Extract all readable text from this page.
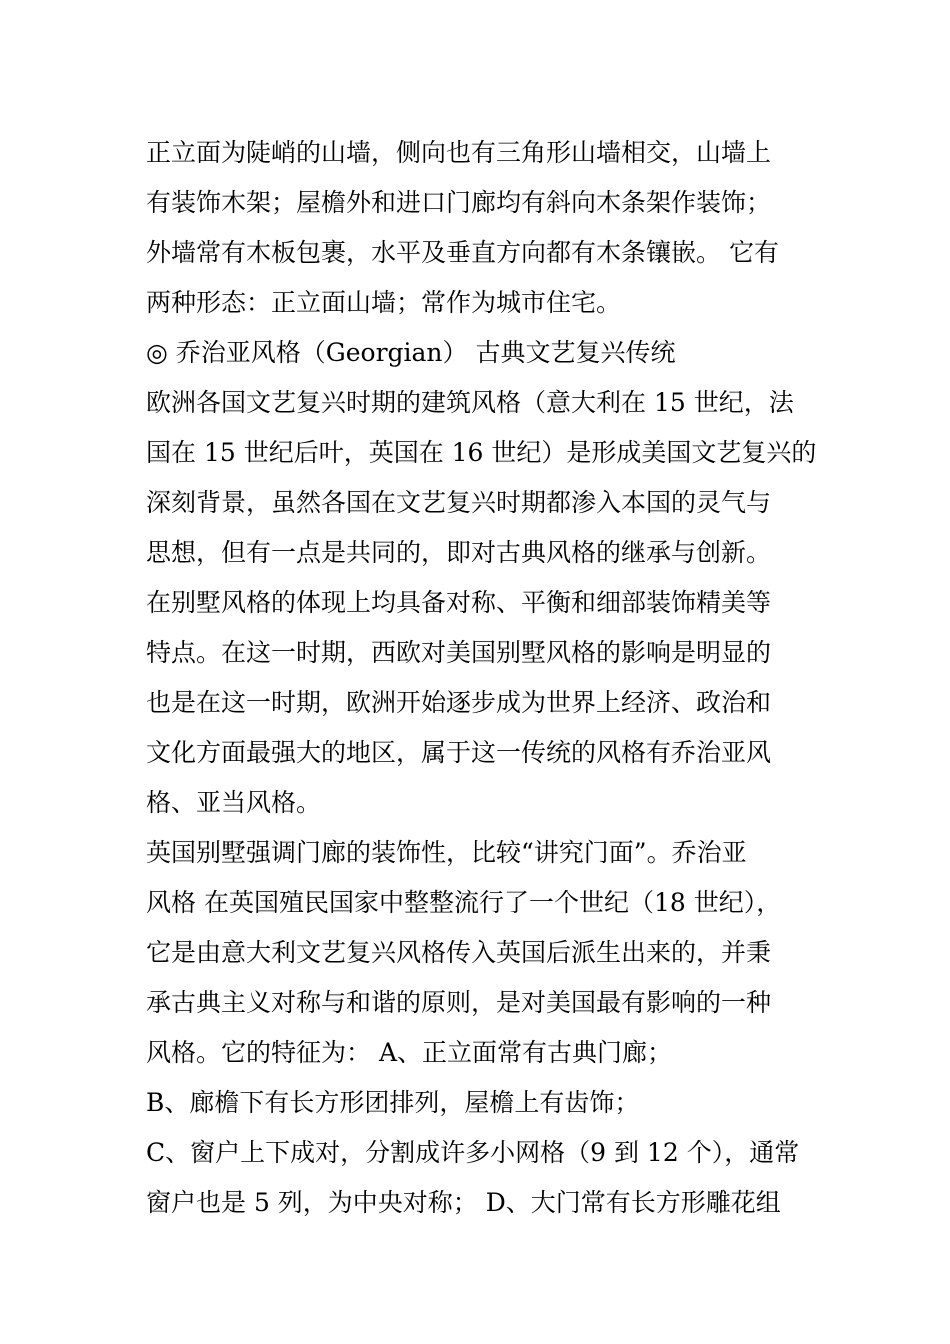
正立面为陡峭的山墙，侧向也有三角形山墙相交，山墙上
有装饰木架；屋檐外和进口门廊均有斜向木条架作装饰；
外墙常有木板包裹，水平及垂直方向都有木条镶嵌。 它有
两种形态：正立面山墙；常作为城市住宅。
◎ 乔治亚风格（Georgian） 古典文艺复兴传统
欧洲各国文艺复兴时期的建筑风格（意大利在 15 世纪，法
国在 15 世纪后叶，英国在 16 世纪）是形成美国文艺复兴的
深刻背景，虽然各国在文艺复兴时期都渗入本国的灵气与
思想，但有一点是共同的，即对古典风格的继承与创新。
在别墅风格的体现上均具备对称、平衡和细部装饰精美等
特点。在这一时期，西欧对美国别墅风格的影响是明显的
也是在这一时期，欧洲开始逐步成为世界上经济、政治和
文化方面最强大的地区，属于这一传统的风格有乔治亚风
格、亚当风格。
英国别墅强调门廊的装饰性，比较“讲究门面”。乔治亚
风格 在英国殖民国家中整整流行了一个世纪（18 世纪），
它是由意大利文艺复兴风格传入英国后派生出来的，并秉
承古典主义对称与和谐的原则，是对美国最有影响的一种
风格。它的特征为： A、正立面常有古典门廊；
B、廊檐下有长方形团排列，屋檐上有齿饰；
C、窗户上下成对，分割成许多小网格（9 到 12 个），通常
窗户也是 5 列，为中央对称； D、大门常有长方形雕花组
